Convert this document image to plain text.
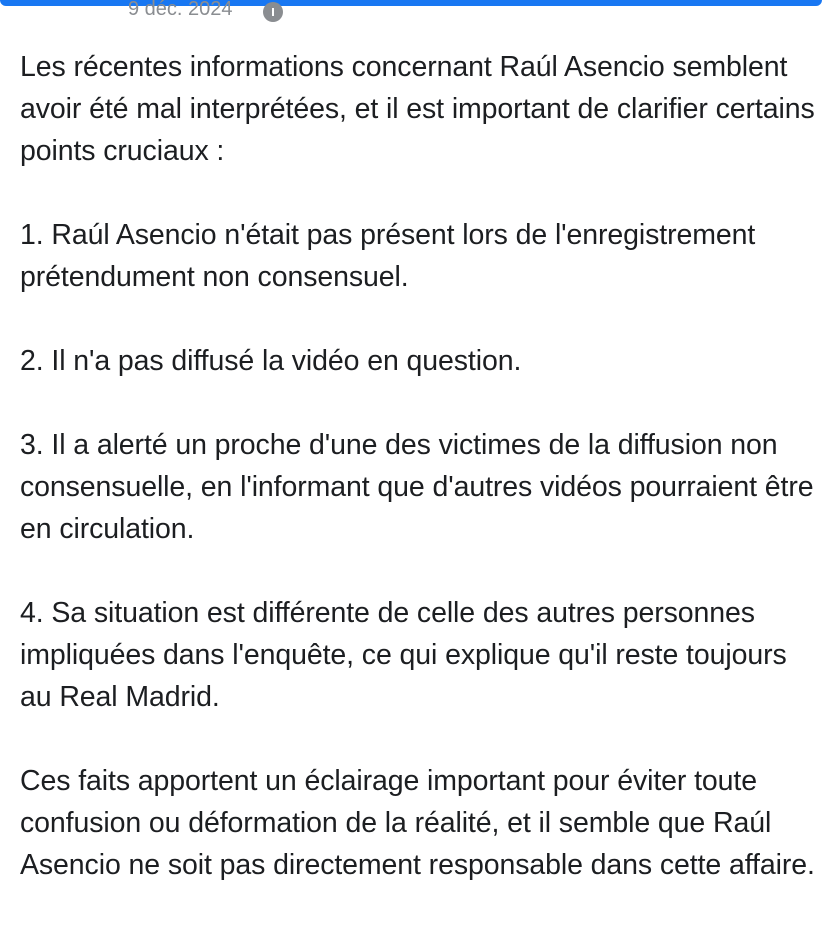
9 déc. 2024

Les récentes informations concernant Raúl Asencio semblent avoir été mal interprétées, et il est important de clarifier certains points cruciaux :

1. Raúl Asencio n'était pas présent lors de l'enregistrement prétendument non consensuel.

2. Il n'a pas diffusé la vidéo en question.

3. Il a alerté un proche d'une des victimes de la diffusion non consensuelle, en l'informant que d'autres vidéos pourraient être en circulation.

4. Sa situation est différente de celle des autres personnes impliquées dans l'enquête, ce qui explique qu'il reste toujours au Real Madrid.

Ces faits apportent un éclairage important pour éviter toute confusion ou déformation de la réalité, et il semble que Raúl Asencio ne soit pas directement responsable dans cette affaire.
